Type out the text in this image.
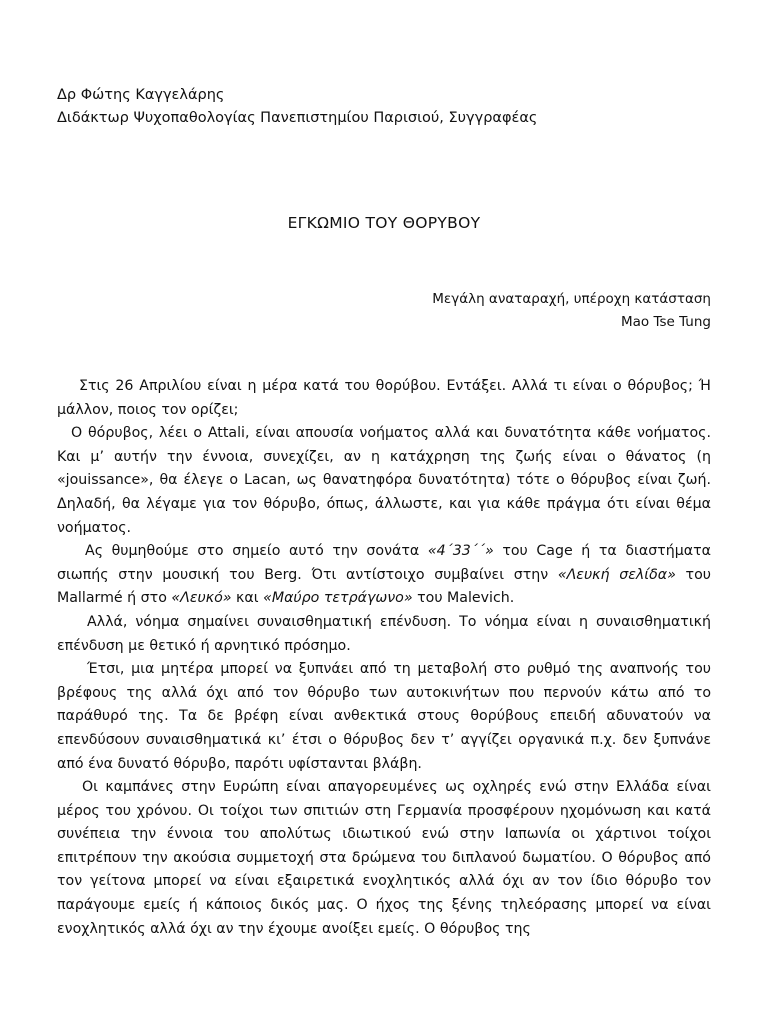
Δρ Φώτης Καγγελάρης
Διδάκτωρ Ψυχοπαθολογίας Πανεπιστημίου Παρισιού, Συγγραφέας
ΕΓΚΩΜΙΟ ΤΟΥ ΘΟΡΥΒΟΥ
Μεγάλη αναταραχή, υπέροχη κατάσταση
Mao Tse Tung

Στις 26 Απριλίου είναι η μέρα κατά του θορύβου. Εντάξει. Αλλά τι είναι ο θόρυβος; Ή μάλλον, ποιος τον ορίζει;

Ο θόρυβος, λέει ο Attali, είναι απουσία νοήματος αλλά και δυνατότητα κάθε νοήματος. Και μ’ αυτήν την έννοια, συνεχίζει, αν η κατάχρηση της ζωής είναι ο θάνατος (η «jouissance», θα έλεγε ο Lacan, ως θανατηφόρα δυνατότητα) τότε ο θόρυβος είναι ζωή. Δηλαδή, θα λέγαμε για τον θόρυβο, όπως, άλλωστε, και για κάθε πράγμα ότι είναι θέμα νοήματος.

Ας θυμηθούμε στο σημείο αυτό την σονάτα «4΄33΄΄» του Cage ή τα διαστήματα σιωπής στην μουσική του Berg. Ότι αντίστοιχο συμβαίνει στην «Λευκή σελίδα» του Mallarmé ή στο «Λευκό» και «Μαύρο τετράγωνο» του Malevich.

Αλλά, νόημα σημαίνει συναισθηματική επένδυση. Το νόημα είναι η συναισθηματική επένδυση με θετικό ή αρνητικό πρόσημο.

Έτσι, μια μητέρα μπορεί να ξυπνάει από τη μεταβολή στο ρυθμό της αναπνοής του βρέφους της αλλά όχι από τον θόρυβο των αυτοκινήτων που περνούν κάτω από το παράθυρό της. Τα δε βρέφη είναι ανθεκτικά στους θορύβους επειδή αδυνατούν να επενδύσουν συναισθηματικά κι’ έτσι ο θόρυβος δεν τ’ αγγίζει οργανικά π.χ. δεν ξυπνάνε από ένα δυνατό θόρυβο, παρότι υφίστανται βλάβη.

Οι καμπάνες στην Ευρώπη είναι απαγορευμένες ως οχληρές ενώ στην Ελλάδα είναι μέρος του χρόνου. Οι τοίχοι των σπιτιών στη Γερμανία προσφέρουν ηχομόνωση και κατά συνέπεια την έννοια του απολύτως ιδιωτικού ενώ στην Ιαπωνία οι χάρτινοι τοίχοι επιτρέπουν την ακούσια συμμετοχή στα δρώμενα του διπλανού δωματίου. Ο θόρυβος από τον γείτονα μπορεί να είναι εξαιρετικά ενοχλητικός αλλά όχι αν τον ίδιο θόρυβο τον παράγουμε εμείς ή κάποιος δικός μας. Ο ήχος της ξένης τηλεόρασης μπορεί να είναι ενοχλητικός αλλά όχι αν την έχουμε ανοίξει εμείς. Ο θόρυβος της
